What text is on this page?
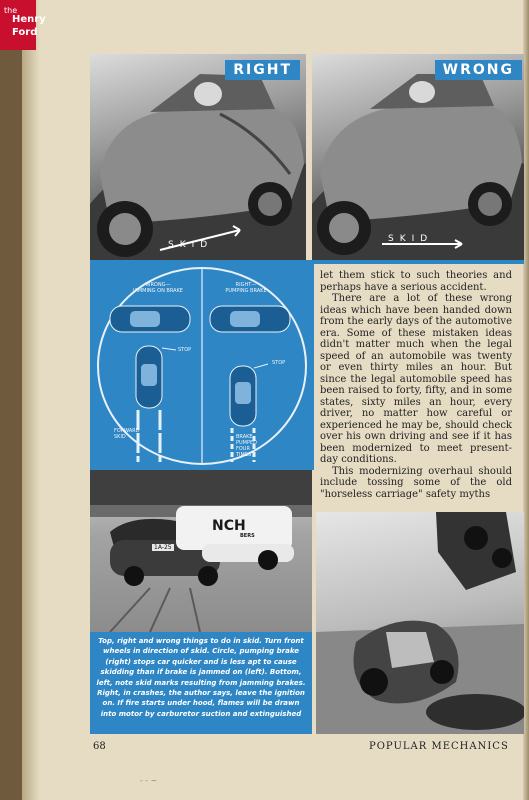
the
Henry
Ford
RIGHT
SKID
WRONG
SKID
WRONG—
JAMMING ON BRAKE
RIGHT—
PUMPING BRAKE
STOP
STOP
FORWARD
SKID	BRAKE
PUMPED
FOUR
TIMES
NCH
BERS
1A-25

Top, right and wrong things to do in skid. Turn front wheels in direction of skid. Circle, pumping brake (right) stops car quicker and is less apt to cause skidding than if brake is jammed on (left). Bottom, left, note skid marks resulting from jamming brakes. Right, in crashes, the author says, leave the ignition on. If fire starts under hood, flames will be drawn into motor by carburetor suction and extinguished

let them stick to such theories and perhaps have a serious accident.

There are a lot of these wrong ideas which have been handed down from the early days of the automotive era. Some of these mistaken ideas didn't matter much when the legal speed of an automobile was twenty or even thirty miles an hour. But since the legal automobile speed has been raised to forty, fifty, and in some states, sixty miles an hour, every driver, no matter how careful or experienced he may be, should check over his own driving and see if it has been modernized to meet present-day conditions.

This modernizing overhaul should include tossing some of the old "horseless carriage" safety myths

68	POPULAR MECHANICS
- - ~
